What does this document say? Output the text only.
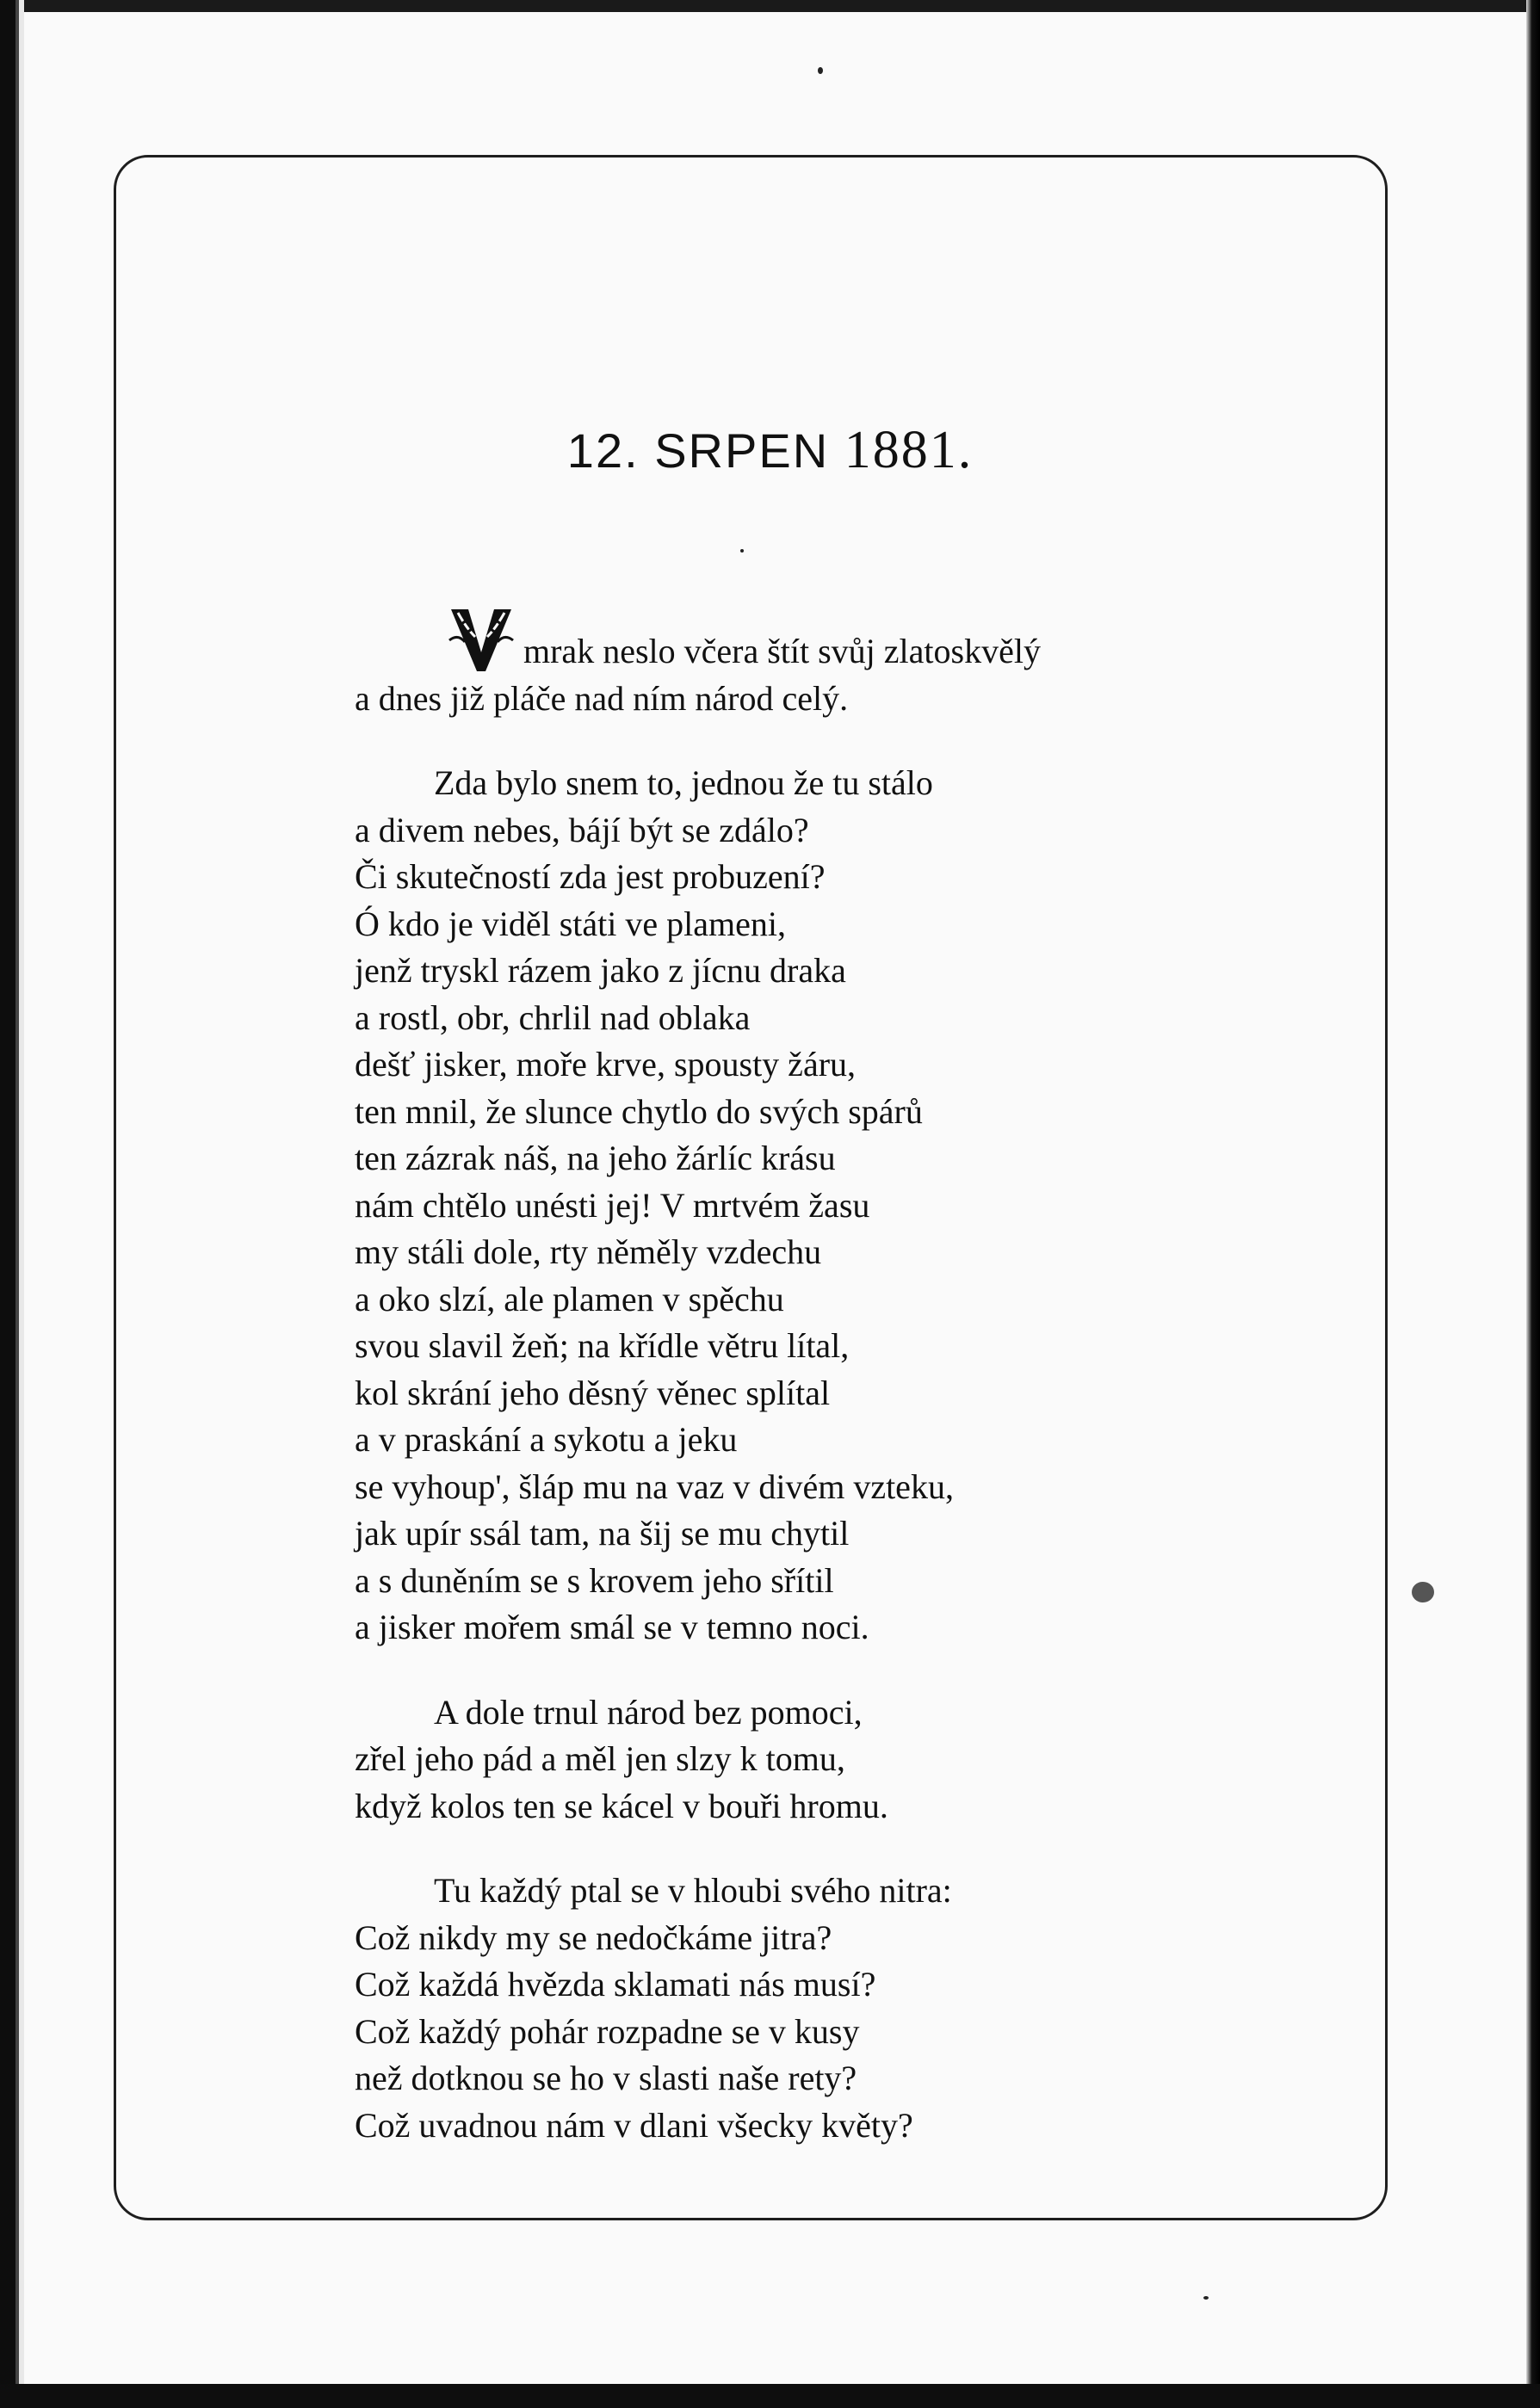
12. SRPEN 1881.
mrak neslo včera štít svůj zlatoskvělý
a dnes již pláče nad ním národ celý.
Zda bylo snem to, jednou že tu stálo
a divem nebes, bájí být se zdálo?
Či skutečností zda jest probuzení?
Ó kdo je viděl státi ve plameni,
jenž tryskl rázem jako z jícnu draka
a rostl, obr, chrlil nad oblaka
dešť jisker, moře krve, spousty žáru,
ten mnil, že slunce chytlo do svých spárů
ten zázrak náš, na jeho žárlíc krásu
nám chtělo unésti jej! V mrtvém žasu
my stáli dole, rty něměly vzdechu
a oko slzí, ale plamen v spěchu
svou slavil žeň; na křídle větru lítal,
kol skrání jeho děsný věnec splítal
a v praskání a sykotu a jeku
se vyhoup', šláp mu na vaz v divém vzteku,
jak upír ssál tam, na šij se mu chytil
a s duněním se s krovem jeho sřítil
a jisker mořem smál se v temno noci.
A dole trnul národ bez pomoci,
zřel jeho pád a měl jen slzy k tomu,
když kolos ten se kácel v bouři hromu.
Tu každý ptal se v hloubi svého nitra:
Což nikdy my se nedočkáme jitra?
Což každá hvězda sklamati nás musí?
Což každý pohár rozpadne se v kusy
než dotknou se ho v slasti naše rety?
Což uvadnou nám v dlani všecky květy?
